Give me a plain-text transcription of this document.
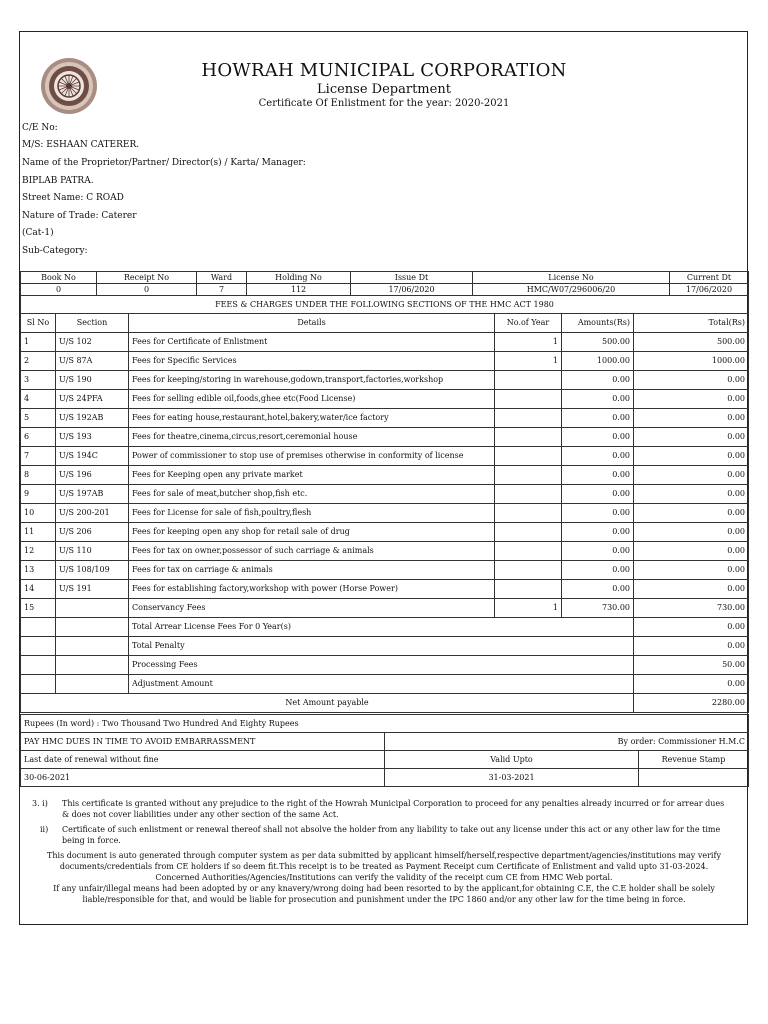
HOWRAH MUNICIPAL CORPORATION
License Department
Certificate Of Enlistment for the year: 2020-2021
C/E No:
M/S: ESHAAN CATERER.
Name of the Proprietor/Partner/ Director(s) / Karta/ Manager:
BIPLAB PATRA.
Street Name: C ROAD
Nature of Trade: Caterer
(Cat-1)
Sub-Category:
Book No	Receipt No	Ward	Holding No	Issue Dt	License No	Current Dt
0	0	7	112	17/06/2020	HMC/W07/296006/20	17/06/2020
FEES & CHARGES UNDER THE FOLLOWING SECTIONS OF THE HMC ACT 1980						
Sl No	Section	Details	No.of Year	Amounts(Rs)	Total(Rs)
1	U/S 102	Fees for Certificate of Enlistment	1	500.00	500.00
2	U/S 87A	Fees for Specific Services	1	1000.00	1000.00
3	U/S 190	Fees for keeping/storing in warehouse,godown,transport,factories,workshop		0.00	0.00
4	U/S 24PFA	Fees for selling edible oil,foods,ghee etc(Food License)		0.00	0.00
5	U/S 192AB	Fees for eating house,restaurant,hotel,bakery,water/ice factory		0.00	0.00
6	U/S 193	Fees for theatre,cinema,circus,resort,ceremonial house		0.00	0.00
7	U/S 194C	Power of commissioner to stop use of premises otherwise in conformity of license		0.00	0.00
8	U/S 196	Fees for Keeping open any private market		0.00	0.00
9	U/S 197AB	Fees for sale of meat,butcher shop,fish etc.		0.00	0.00
10	U/S 200-201	Fees for License for sale of fish,poultry,flesh		0.00	0.00
11	U/S 206	Fees for keeping open any shop for retail sale of drug		0.00	0.00
12	U/S 110	Fees for tax on owner,possessor of such carriage & animals		0.00	0.00
13	U/S 108/109	Fees for tax on carriage & animals		0.00	0.00
14	U/S 191	Fees for establishing factory,workshop with power (Horse Power)		0.00	0.00
15		Conservancy Fees	1	730.00	730.00
		Total Arrear License Fees For 0 Year(s)			0.00
		Total Penalty			0.00
		Processing Fees			50.00
		Adjustment Amount			0.00
Net Amount payable					2280.00
Rupees (In word) : Two Thousand Two Hundred And Eighty Rupees		
PAY HMC DUES IN TIME TO AVOID EMBARRASSMENT	By order: Commissioner H.M.C	
Last date of renewal without fine	Valid Upto	Revenue Stamp
30-06-2021	31-03-2021	
3. i) This certificate is granted without any prejudice to the right of the Howrah Municipal Corporation to proceed for any penalties already incurred or for arrear dues & does not cover liabilities under any other section of the same Act.
ii) Certificate of such enlistment or renewal thereof shall not absolve the holder from any liability to take out any license under this act or any other law for the time being in force.
This document is auto generated through computer system as per data submitted by applicant himself/herself,respective department/agencies/institutions may verify documents/credentials from CE holders if so deem fit.This receipt is to be treated as Payment Receipt cum Certificate of Enlistment and valid upto 31-03-2024.
Concerned Authorities/Agencies/Institutions can verify the validity of the receipt cum CE from HMC Web portal.
If any unfair/illegal means had been adopted by or any knavery/wrong doing had been resorted to by the applicant,for obtaining C.E, the C.E holder shall be solely liable/responsible for that, and would be liable for prosecution and punishment under the IPC 1860 and/or any other law for the time being in force.
